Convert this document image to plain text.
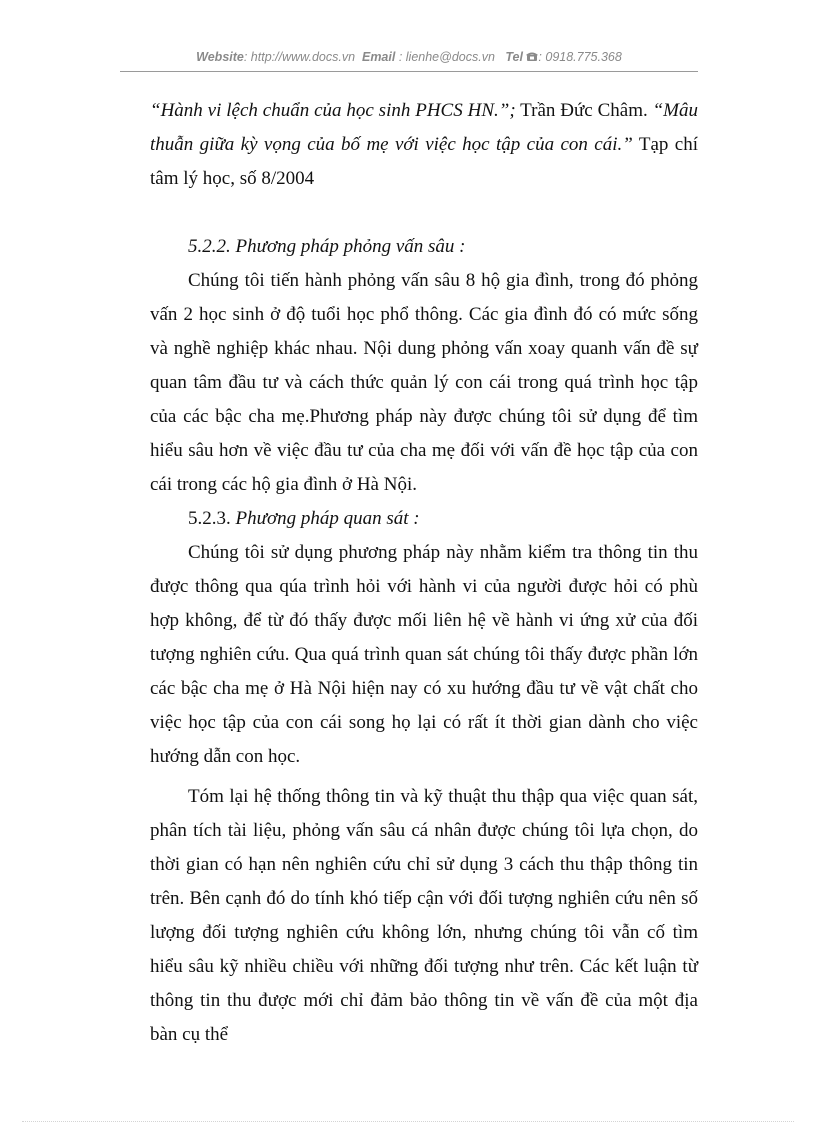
Website: http://www.docs.vn Email : lienhe@docs.vn Tel : 0918.775.368

“Hành vi lệch chuẩn của học sinh PHCS HN.”; Trần Đức Châm. “Mâu thuẫn giữa kỳ vọng của bố mẹ với việc học tập của con cái.” Tạp chí tâm lý học, số 8/2004

5.2.2. Phương pháp phỏng vấn sâu :

Chúng tôi tiến hành phỏng vấn sâu 8 hộ gia đình, trong đó phỏng vấn 2 học sinh ở độ tuổi học phổ thông. Các gia đình đó có mức sống và nghề nghiệp khác nhau. Nội dung phỏng vấn xoay quanh vấn đề sự quan tâm đầu tư và cách thức quản lý con cái trong quá trình học tập của các bậc cha mẹ.Phương pháp này được chúng tôi sử dụng để tìm hiểu sâu hơn về việc đầu tư của cha mẹ đối với vấn đề học tập của con cái trong các hộ gia đình ở Hà Nội.

5.2.3. Phương pháp quan sát :

Chúng tôi sử dụng phương pháp này nhằm kiểm tra thông tin thu được thông qua qúa trình hỏi với hành vi của người được hỏi có phù hợp không, để từ đó thấy được mối liên hệ về hành vi ứng xử của đối tượng nghiên cứu. Qua quá trình quan sát chúng tôi thấy được phần lớn các bậc cha mẹ ở Hà Nội hiện nay có xu hướng đầu tư về vật chất cho việc học tập của con cái song họ lại có rất ít thời gian dành cho việc hướng dẫn con học.

Tóm lại hệ thống thông tin và kỹ thuật thu thập qua việc quan sát, phân tích tài liệu, phỏng vấn sâu cá nhân được chúng tôi lựa chọn, do thời gian có hạn nên nghiên cứu chỉ sử dụng 3 cách thu thập thông tin trên. Bên cạnh đó do tính khó tiếp cận với đối tượng nghiên cứu nên số lượng đối tượng nghiên cứu không lớn, nhưng chúng tôi vẫn cố tìm hiểu sâu kỹ nhiều chiều với những đối tượng như trên. Các kết luận từ thông tin thu được mới chỉ đảm bảo thông tin về vấn đề của một địa bàn cụ thể
